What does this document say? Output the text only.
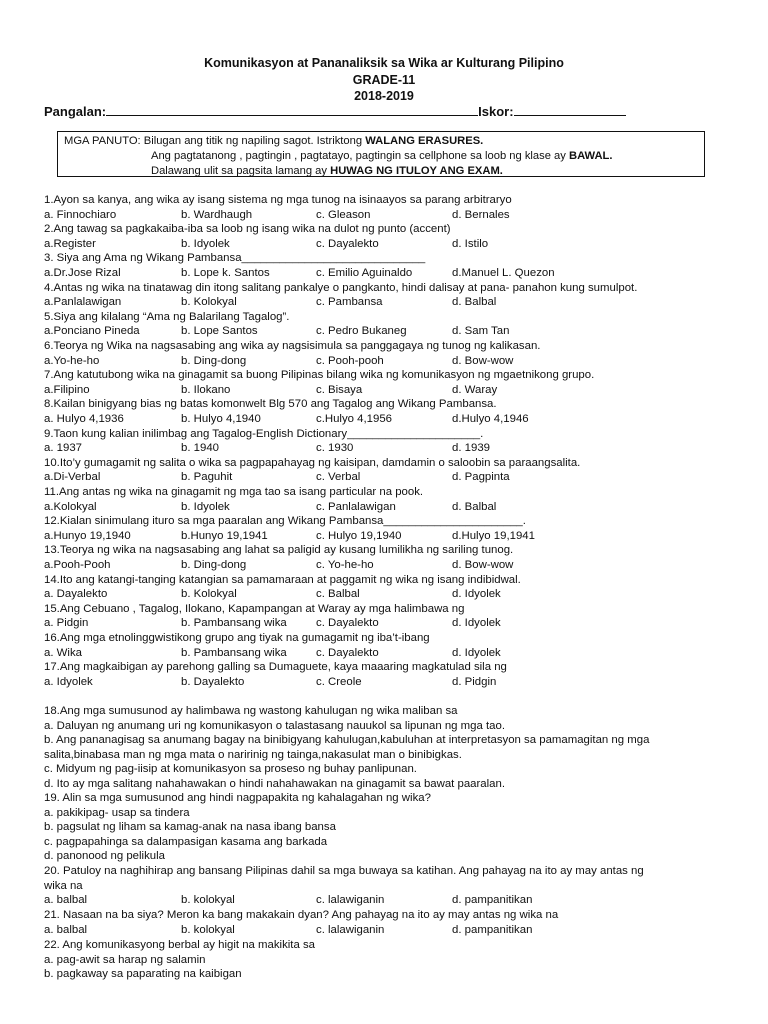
Komunikasyon at Pananaliksik sa Wika ar Kulturang Pilipino
GRADE-11
2018-2019
Pangalan:	Iskor:
MGA PANUTO: Bilugan ang titik ng napiling sagot. Istriktong WALANG ERASURES.
Ang pagtatanong , pagtingin , pagtatayo, pagtingin sa cellphone sa loob ng klase ay BAWAL.
Dalawang ulit sa pagsita lamang ay HUWAG NG ITULOY ANG EXAM.
1.Ayon sa kanya, ang wika ay isang sistema ng mga tunog na isinaayos sa parang arbitraryo
a. Finnochiaro	b. Wardhaugh	c. Gleason	d. Bernales
2.Ang tawag sa pagkakaiba-iba sa loob ng isang wika na dulot ng punto (accent)
a.Register	b. Idyolek	c. Dayalekto	d. Istilo
3. Siya ang Ama ng Wikang Pambansa_____________________________
a.Dr.Jose Rizal	b. Lope k. Santos	c. Emilio Aguinaldo	d.Manuel L. Quezon
4.Antas ng wika na tinatawag din itong salitang pankalye o pangkanto, hindi dalisay at pana- panahon kung sumulpot.
a.Panlalawigan	b. Kolokyal	c. Pambansa	d. Balbal
5.Siya ang kilalang “Ama ng Balarilang Tagalog”.
a.Ponciano Pineda	b. Lope Santos	c. Pedro Bukaneg	d. Sam Tan
6.Teorya ng Wika na nagsasabing ang wika ay nagsisimula sa panggagaya ng tunog ng kalikasan.
a.Yo-he-ho	b. Ding-dong	c. Pooh-pooh	d. Bow-wow
7.Ang katutubong wika na ginagamit sa buong Pilipinas bilang wika ng komunikasyon ng mgaetnikong grupo.
a.Filipino	b. Ilokano	c. Bisaya	d. Waray
8.Kailan binigyang bias ng batas komonwelt Blg 570 ang Tagalog ang Wikang Pambansa.
a. Hulyo 4,1936	b. Hulyo 4,1940	c.Hulyo 4,1956	d.Hulyo 4,1946
9.Taon kung kalian inilimbag ang Tagalog-English Dictionary_____________________.
a. 1937	b. 1940	c. 1930	d. 1939
10.Ito’y gumagamit ng salita o wika sa pagpapahayag ng kaisipan, damdamin o saloobin sa paraangsalita.
a.Di-Verbal	b. Paguhit	c. Verbal	d. Pagpinta
11.Ang antas ng wika na ginagamit ng mga tao sa isang particular na pook.
a.Kolokyal	b. Idyolek	c. Panlalawigan	d. Balbal
12.Kialan sinimulang ituro sa mga paaralan ang Wikang Pambansa______________________.
a.Hunyo 19,1940	b.Hunyo 19,1941	c. Hulyo 19,1940	d.Hulyo 19,1941
13.Teorya ng wika na nagsasabing ang lahat sa paligid ay kusang lumilikha ng sariling tunog.
a.Pooh-Pooh	b. Ding-dong	c. Yo-he-ho	d. Bow-wow
14.Ito ang katangi-tanging katangian sa pamamaraan at paggamit ng wika ng isang indibidwal.
a. Dayalekto	b. Kolokyal	c. Balbal	d. Idyolek
15.Ang Cebuano , Tagalog, Ilokano, Kapampangan at Waray ay mga halimbawa ng
a. Pidgin	b. Pambansang wika	c. Dayalekto	d. Idyolek
16.Ang mga etnolinggwistikong grupo ang tiyak na gumagamit ng iba’t-ibang
a. Wika	b. Pambansang wika	c. Dayalekto	d. Idyolek
17.Ang magkaibigan ay parehong galling sa Dumaguete, kaya maaaring magkatulad sila ng
a. Idyolek	b. Dayalekto	c. Creole	d. Pidgin
18.Ang mga sumusunod ay halimbawa ng wastong kahulugan ng wika maliban sa
a. Daluyan ng anumang uri ng komunikasyon o talastasang nauukol sa lipunan ng mga tao.
b. Ang pananagisag sa anumang bagay na binibigyang kahulugan,kabuluhan at interpretasyon sa pamamagitan ng mga
salita,binabasa man ng mga mata o naririnig ng tainga,nakasulat man o binibigkas.
c. Midyum ng pag-iisip at komunikasyon sa proseso ng buhay panlipunan.
d. Ito ay mga salitang nahahawakan o hindi nahahawakan na ginagamit sa bawat paaralan.
19. Alin sa mga sumusunod ang hindi nagpapakita ng kahalagahan ng wika?
a. pakikipag- usap sa tindera
b. pagsulat ng liham sa kamag-anak na nasa ibang bansa
c. pagpapahinga sa dalampasigan kasama ang barkada
d. panonood ng pelikula
20. Patuloy na naghihirap ang bansang Pilipinas dahil sa mga buwaya sa katihan. Ang pahayag na ito ay may antas ng
wika na
a. balbal	b. kolokyal	c. lalawiganin	d. pampanitikan
21. Nasaan na ba siya? Meron ka bang makakain dyan? Ang pahayag na ito ay may antas ng wika na
a. balbal	b. kolokyal	c. lalawiganin	d. pampanitikan
22. Ang komunikasyong berbal ay higit na makikita sa
a. pag-awit sa harap ng salamin
b. pagkaway sa paparating na kaibigan
